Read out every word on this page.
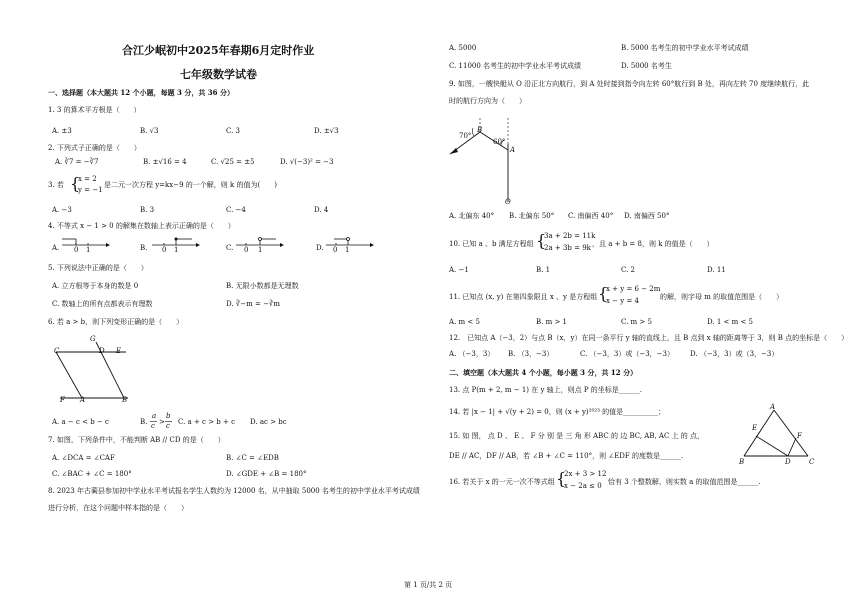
合江少岷初中2025年春期6月定时作业
七年级数学试卷
一、选择题（本大题共 12 个小题，每题 3 分，共 36 分）
1. 3 的算术平方根是（　　）
A. ±3	B. √3	C. 3	D. ±√3
2. 下列式子正确的是（　　）
A. ∛7 = −∛7	B. ±√16 = 4	C. √25 = ±5	D. √(−3)² = −3
3. 若 {
x = 2
y = −1
是二元一次方程 y=kx−9 的一个解，则 k 的值为(　　)
A. −3	B. 3	C. −4	D. 4
4. 不等式 x − 1 > 0 的解集在数轴上表示正确的是（　　）
A. 0 1	B. 0 1	C. 0 1	D. 0 1
5. 下列说法中正确的是（　　）
A. 立方根等于本身的数是 0	B. 无限小数都是无理数
C. 数轴上的所有点都表示有理数	D. ∛−m = −∛m
6. 若 a > b，则下列变形正确的是（　　）
G
C	D E
F A	B
A. a − c < b − c	B.
a
c >
b
c C. a + c > b + c D. ac > bc
7. 如图，下列条件中，不能判断 AB // CD 的是（　　）
A. ∠DCA = ∠CAF	B. ∠C = ∠EDB
C. ∠BAC + ∠C = 180°	D. ∠GDE + ∠B = 180°
8. 2023 年古蔺县参加初中学业水平考试报名学生人数约为 12000 名，从中抽取 5000 名考生的初中学业水平考试成绩
进行分析，在这个问题中样本指的是（　　）
A. 5000	B. 5000 名考生的初中学业水平考试成绩
C. 11000 名考生的初中学业水平考试成绩	D. 5000 名考生
9. 如图，一艘快艇从 O 沿正北方向航行，到 A 处时接到指令向左转 60°航行到 B 处，再向左转 70 度继续航行，此
时的航行方向为（　　）
B
70°
60°
A
O
A. 北偏东 40° B. 北偏东 50° C. 南偏西 40° D. 南偏西 50°
10. 已知 a 、b 满足方程组 {
3a + 2b = 11k
2a + 3b = 9k ，且 a + b = 8，则 k 的值是（　　）
A. −1	B. 1	C. 2	D. 11
11. 已知点 (x, y) 在第四象限且 x 、y 是方程组 {
x + y = 6 − 2m
x − y = 4	的解，则字母 m 的取值范围是（　　）
A. m < 5	B. m > 1	C. m > 5	D. 1 < m < 5
12.　已知点 A（−3，2）与点 B（x，y）在同一条平行 y 轴的直线上，且 B 点到 x 轴的距离等于 3，则 B 点的坐标是（　　）
A. （−3，3） B. （3，−3）	C. （−3，3）或（−3，−3） D. （−3，3）或（3，−3）
二、填空题（本大题共 4 个小题，每小题 3 分，共 12 分）
13. 点 P(m + 2, m − 1) 在 y 轴上，则点 P 的坐标是______.
14. 若 |x − 1| + √(y + 2) = 0，则 (x + y)²⁰²³ 的值是__________；
15. 如 图， 点 D 、 E 、 F 分 别 是 三 角 形 ABC 的 边 BC, AB, AC 上 的 点，
DE // AC，DF // AB，若 ∠B + ∠C = 110°，则 ∠EDF 的度数是______.
A
E
F
B	D	C
16. 若关于 x 的一元一次不等式组 {
2x + 3 > 12
x − 2a ≤ 0 恰有 3 个整数解，则实数 a 的取值范围是______.
第 1 页/共 2 页
